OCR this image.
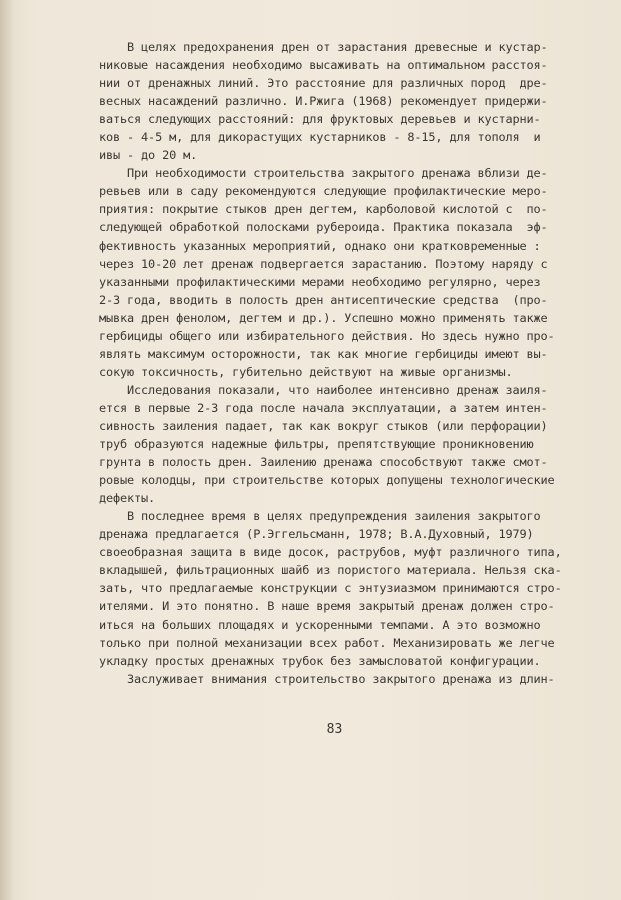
В целях предохранения дрен от зарастания древесные и кустар-
никовые насаждения необходимо высаживать на оптимальном расстоя-
нии от дренажных линий. Это расстояние для различных пород  дре-
весных насаждений различно. И.Ржига (1968) рекомендует придержи-
ваться следующих расстояний: для фруктовых деревьев и кустарни-
ков - 4-5 м, для дикорастущих кустарников - 8-15, для тополя  и
ивы - до 20 м.
При необходимости строительства закрытого дренажа вблизи де-
ревьев или в саду рекомендуются следующие профилактические меро-
приятия: покрытие стыков дрен дегтем, карболовой кислотой с  по-
следующей обработкой полосками рубероида. Практика показала  эф-
фективность указанных мероприятий, однако они кратковременные :
через 10-20 лет дренаж подвергается зарастанию. Поэтому наряду с
указанными профилактическими мерами необходимо регулярно, через
2-3 года, вводить в полость дрен антисептические средства  (про-
мывка дрен фенолом, дегтем и др.). Успешно можно применять также
гербициды общего или избирательного действия. Но здесь нужно про-
являть максимум осторожности, так как многие гербициды имеют вы-
сокую токсичность, губительно действуют на живые организмы.
Исследования показали, что наиболее интенсивно дренаж заиля-
ется в первые 2-3 года после начала эксплуатации, а затем интен-
сивность заиления падает, так как вокруг стыков (или перфорации)
труб образуются надежные фильтры, препятствующие проникновению
грунта в полость дрен. Заилению дренажа способствуют также смот-
ровые колодцы, при строительстве которых допущены технологические
дефекты.
В последнее время в целях предупреждения заиления закрытого
дренажа предлагается (Р.Эггельсманн, 1978; В.А.Духовный, 1979)
своеобразная защита в виде досок, раструбов, муфт различного типа,
вкладышей, фильтрационных шайб из пористого материала. Нельзя ска-
зать, что предлагаемые конструкции с энтузиазмом принимаются стро-
ителями. И это понятно. В наше время закрытый дренаж должен стро-
иться на больших площадях и ускоренными темпами. А это возможно
только при полной механизации всех работ. Механизировать же легче
укладку простых дренажных трубок без замысловатой конфигурации.
Заслуживает внимания строительство закрытого дренажа из длин-
83
